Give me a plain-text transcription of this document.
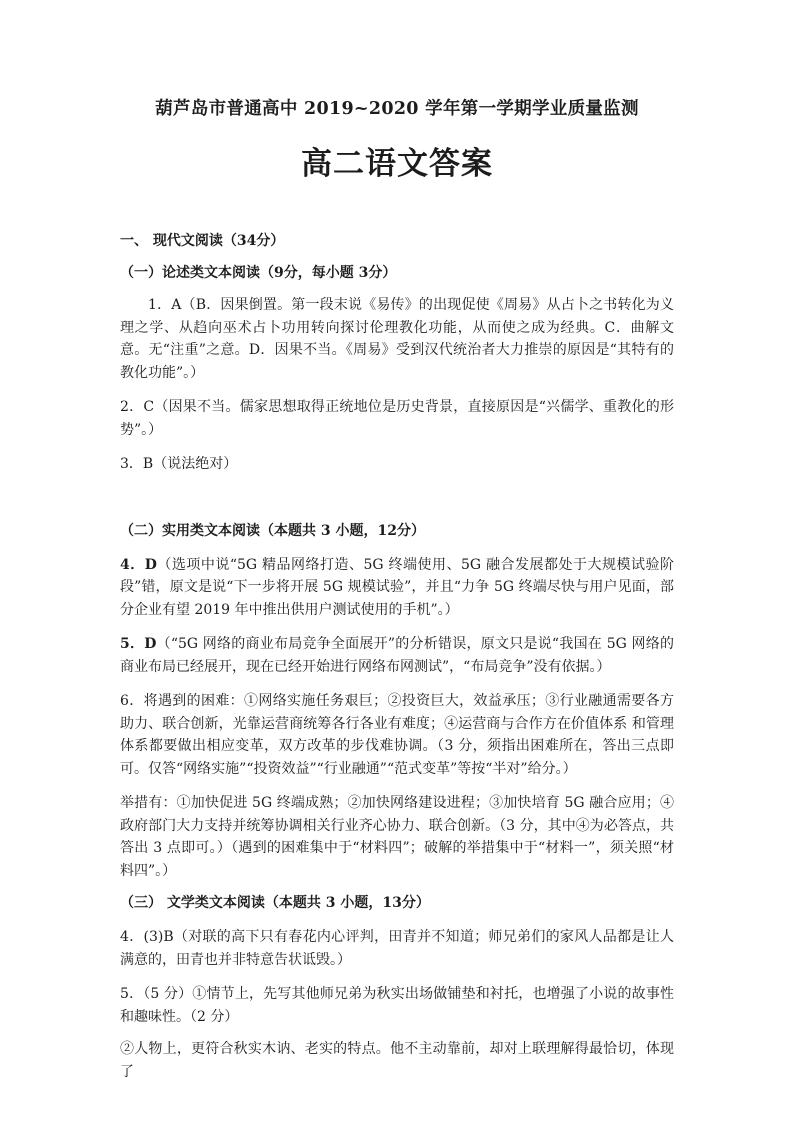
葫芦岛市普通高中 2019~2020 学年第一学期学业质量监测

高二语文答案
一、 现代文阅读（34分）
（一）论述类文本阅读（9分，每小题 3分）

1．A（B．因果倒置。第一段末说《易传》的出现促使《周易》从占卜之书转化为义理之学、从趋向巫术占卜功用转向探讨伦理教化功能，从而使之成为经典。C．曲解文意。无“注重”之意。D．因果不当。《周易》受到汉代统治者大力推崇的原因是“其特有的教化功能”。）

2．C（因果不当。儒家思想取得正统地位是历史背景，直接原因是“兴儒学、重教化的形势”。）

3．B（说法绝对）

（二）实用类文本阅读（本题共 3 小题，12分）

4．D（选项中说“5G 精品网络打造、5G 终端使用、5G 融合发展都处于大规模试验阶段”错，原文是说“下一步将开展 5G 规模试验”，并且“力争 5G 终端尽快与用户见面，部分企业有望 2019 年中推出供用户测试使用的手机”。）

5．D（“5G 网络的商业布局竞争全面展开”的分析错误，原文只是说“我国在 5G 网络的商业布局已经展开，现在已经开始进行网络布网测试”，“布局竞争”没有依据。）

6．将遇到的困难：①网络实施任务艰巨；②投资巨大，效益承压；③行业融通需要各方助力、联合创新，光靠运营商统筹各行各业有难度；④运营商与合作方在价值体系 和管理体系都要做出相应变革，双方改革的步伐难协调。（3 分，须指出困难所在，答出三点即可。仅答“网络实施”“投资效益”“行业融通”“范式变革”等按“半对”给分。）

举措有：①加快促进 5G 终端成熟；②加快网络建设进程；③加快培育 5G 融合应用；④政府部门大力支持并统筹协调相关行业齐心协力、联合创新。（3 分，其中④为必答点，共答出 3 点即可。）（遇到的困难集中于“材料四”；破解的举措集中于“材料一”，须关照“材料四”。）

（三） 文学类文本阅读（本题共 3 小题，13分）

4．(3)B（对联的高下只有春花内心评判，田青并不知道；师兄弟们的家风人品都是让人满意的，田青也并非特意告状诋毁。）

5．（5 分）①情节上，先写其他师兄弟为秋实出场做铺垫和衬托，也增强了小说的故事性和趣味性。（2 分）

②人物上，更符合秋实木讷、老实的特点。他不主动靠前，却对上联理解得最恰切，体现了
